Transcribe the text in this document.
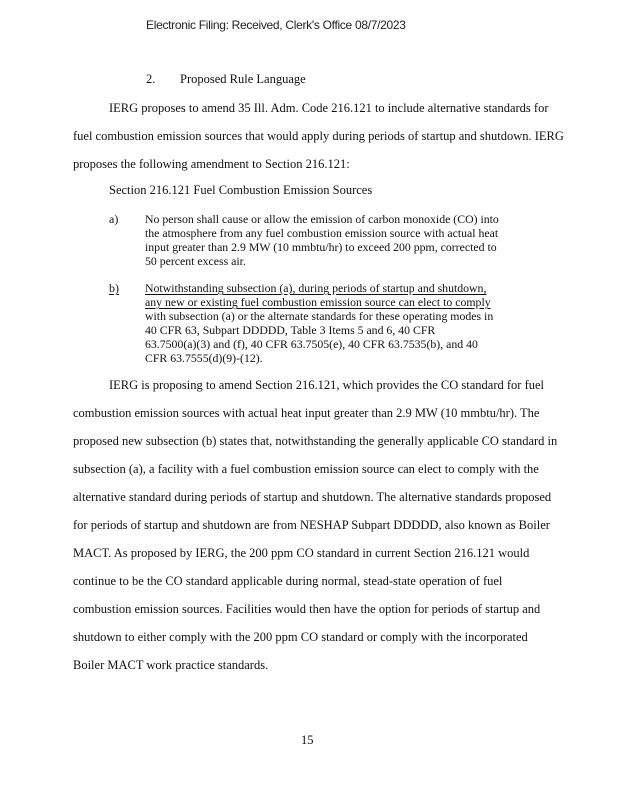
Electronic Filing: Received, Clerk's Office 08/7/2023
2. Proposed Rule Language
IERG proposes to amend 35 Ill. Adm. Code 216.121 to include alternative standards for
fuel combustion emission sources that would apply during periods of startup and shutdown. IERG
proposes the following amendment to Section 216.121:
Section 216.121 Fuel Combustion Emission Sources
a) No person shall cause or allow the emission of carbon monoxide (CO) into
the atmosphere from any fuel combustion emission source with actual heat
input greater than 2.9 MW (10 mmbtu/hr) to exceed 200 ppm, corrected to
50 percent excess air.
b) Notwithstanding subsection (a), during periods of startup and shutdown,
any new or existing fuel combustion emission source can elect to comply
with subsection (a) or the alternate standards for these operating modes in
40 CFR 63, Subpart DDDDD, Table 3 Items 5 and 6, 40 CFR
63.7500(a)(3) and (f), 40 CFR 63.7505(e), 40 CFR 63.7535(b), and 40
CFR 63.7555(d)(9)-(12).
IERG is proposing to amend Section 216.121, which provides the CO standard for fuel
combustion emission sources with actual heat input greater than 2.9 MW (10 mmbtu/hr). The
proposed new subsection (b) states that, notwithstanding the generally applicable CO standard in
subsection (a), a facility with a fuel combustion emission source can elect to comply with the
alternative standard during periods of startup and shutdown. The alternative standards proposed
for periods of startup and shutdown are from NESHAP Subpart DDDDD, also known as Boiler
MACT. As proposed by IERG, the 200 ppm CO standard in current Section 216.121 would
continue to be the CO standard applicable during normal, stead-state operation of fuel
combustion emission sources. Facilities would then have the option for periods of startup and
shutdown to either comply with the 200 ppm CO standard or comply with the incorporated
Boiler MACT work practice standards.
15
